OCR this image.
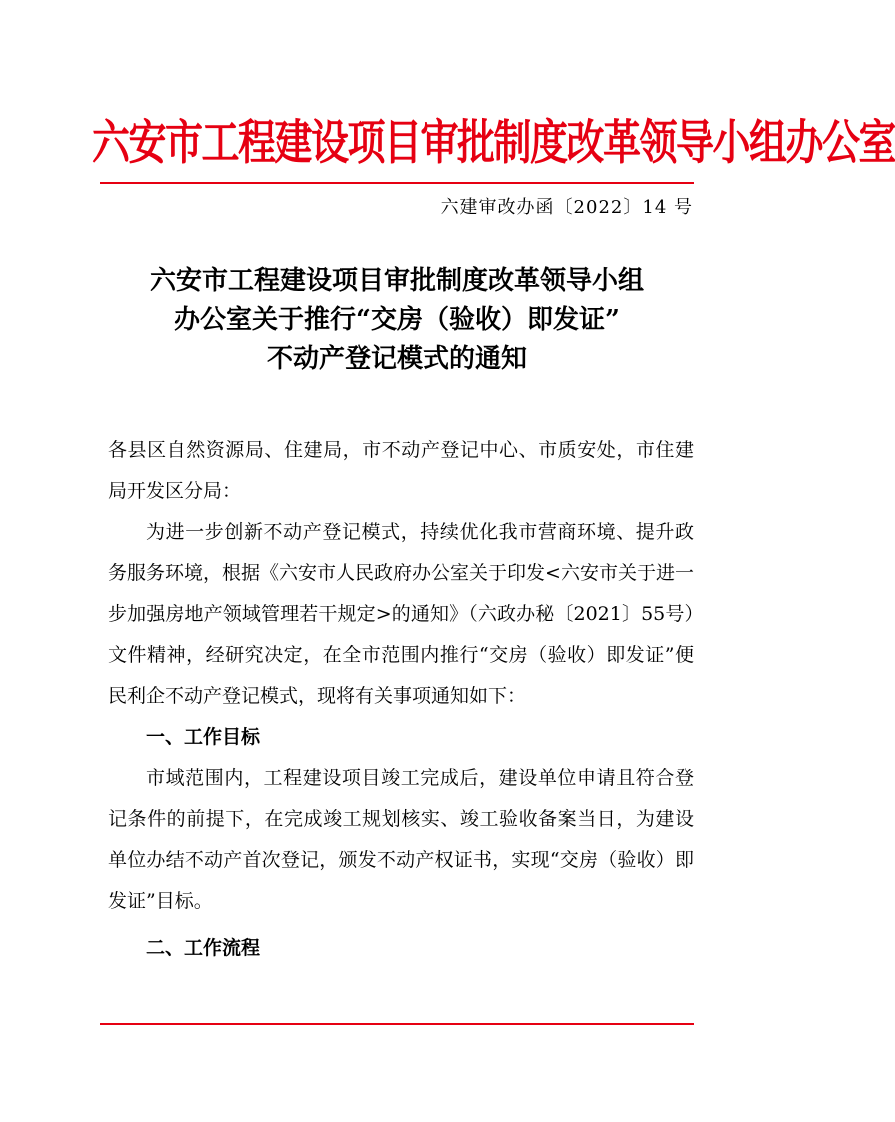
六安市工程建设项目审批制度改革领导小组办公室
六建审改办函〔2022〕14 号
六安市工程建设项目审批制度改革领导小组
办公室关于推行“交房（验收）即发证”
不动产登记模式的通知

各县区自然资源局、住建局，市不动产登记中心、市质安处，市住建局开发区分局：

为进一步创新不动产登记模式，持续优化我市营商环境、提升政务服务环境，根据《六安市人民政府办公室关于印发<六安市关于进一步加强房地产领域管理若干规定>的通知》（六政办秘〔2021〕55号）文件精神，经研究决定，在全市范围内推行“交房（验收）即发证”便民利企不动产登记模式，现将有关事项通知如下：

一、工作目标

市域范围内，工程建设项目竣工完成后，建设单位申请且符合登记条件的前提下，在完成竣工规划核实、竣工验收备案当日，为建设单位办结不动产首次登记，颁发不动产权证书，实现“交房（验收）即发证”目标。

二、工作流程
